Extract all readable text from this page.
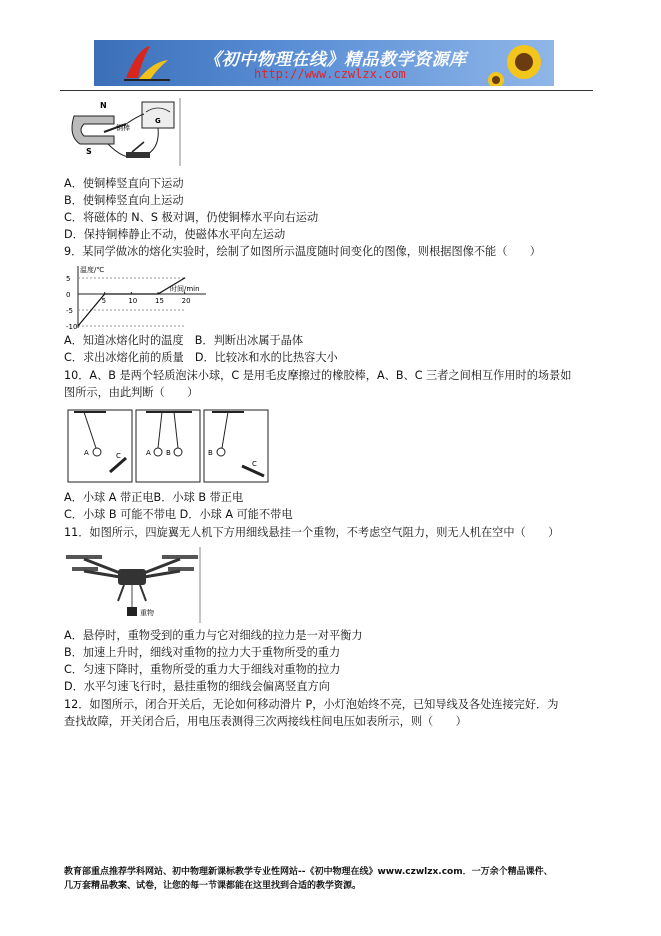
《初中物理在线》精品教学资源库
http://www.czwlzx.com
N
S
铜棒
G
A．使铜棒竖直向下运动
B．使铜棒竖直向上运动
C．将磁体的 N、S 极对调，仍使铜棒水平向右运动
D．保持铜棒静止不动，使磁体水平向左运动
9．某同学做冰的熔化实验时，绘制了如图所示温度随时间变化的图像，则根据图像不能（　　）
温度/℃
时间/min
5	10	15	20
5
0
-5
-10
A．知道冰熔化时的温度　B．判断出冰属于晶体
C．求出冰熔化前的质量　D．比较冰和水的比热容大小
10．A、B 是两个轻质泡沫小球，C 是用毛皮摩擦过的橡胶棒，A、B、C 三者之间相互作用时的场景如
图所示，由此判断（　　）
A	C	A B	B
C
A．小球 A 带正电B．小球 B 带正电
C．小球 B 可能不带电 D．小球 A 可能不带电
11．如图所示，四旋翼无人机下方用细线悬挂一个重物，不考虑空气阻力，则无人机在空中（　　）
重物
A．悬停时，重物受到的重力与它对细线的拉力是一对平衡力
B．加速上升时，细线对重物的拉力大于重物所受的重力
C．匀速下降时，重物所受的重力大于细线对重物的拉力
D．水平匀速飞行时，悬挂重物的细线会偏离竖直方向
12．如图所示，闭合开关后，无论如何移动滑片 P，小灯泡始终不亮，已知导线及各处连接完好．为
查找故障，开关闭合后，用电压表测得三次两接线柱间电压如表所示，则（　　）
教育部重点推荐学科网站、初中物理新课标教学专业性网站--《初中物理在线》www.czwlzx.com．一万余个精品课件、
几万套精品教案、试卷，让您的每一节课都能在这里找到合适的教学资源。
